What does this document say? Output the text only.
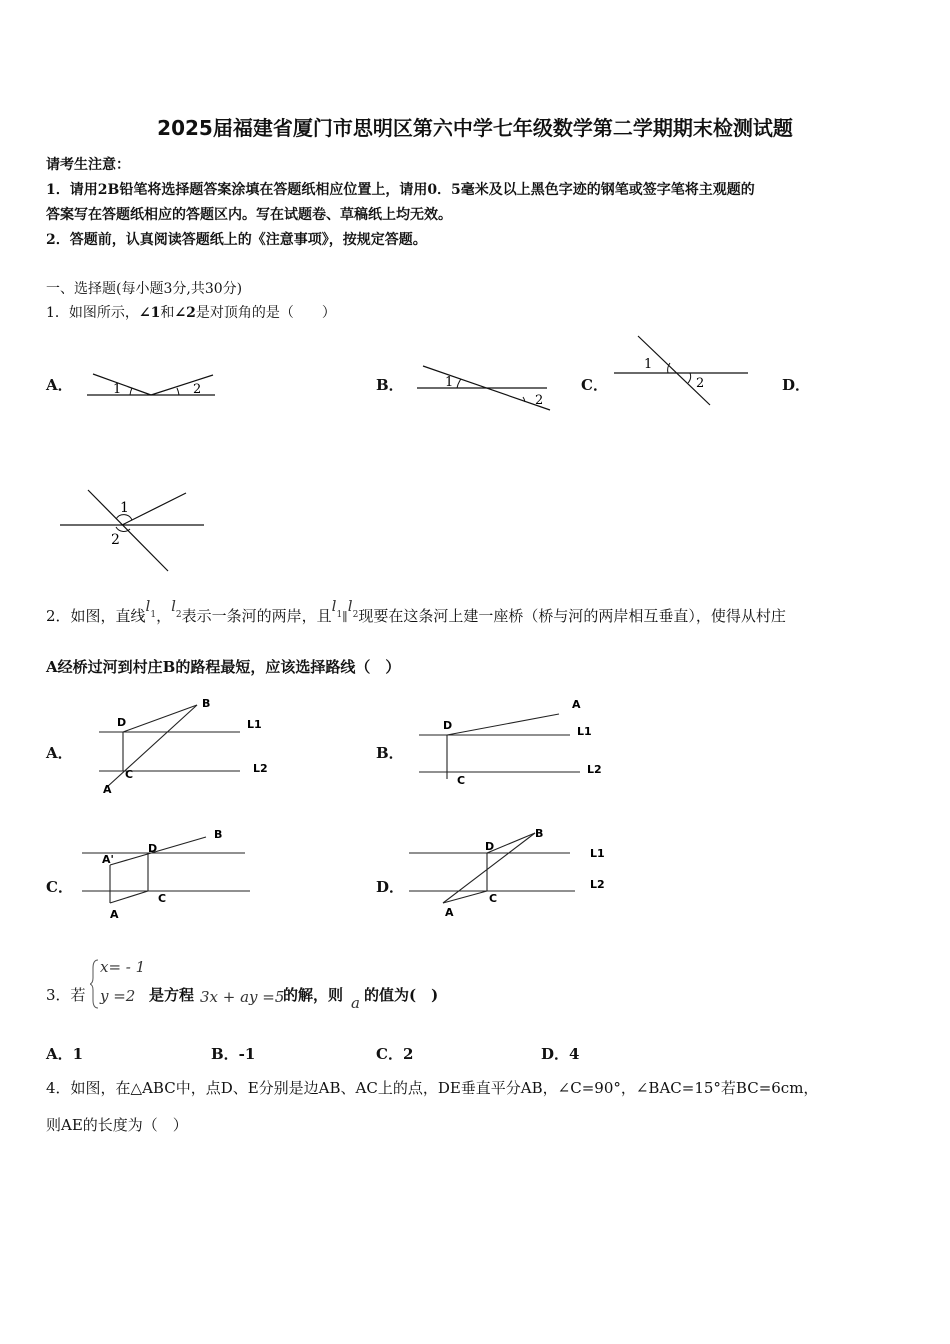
2025届福建省厦门市思明区第六中学七年级数学第二学期期末检测试题
请考生注意：
1．请用2B铅笔将选择题答案涂填在答题纸相应位置上，请用0．5毫米及以上黑色字迹的钢笔或签字笔将主观题的
答案写在答题纸相应的答题区内。写在试题卷、草稿纸上均无效。
2．答题前，认真阅读答题纸上的《注意事项》，按规定答题。
一、选择题(每小题3分,共30分)
1．如图所示，∠1和∠2是对顶角的是（　　）
A．	B．	C．	D．
1	2	1
2
1
2
1
2
2．如图，直线$l_1$，$l_2$表示一条河的两岸，且$l_1\parallel l_2$现要在这条河上建一座桥（桥与河的两岸相互垂直），使得从村庄
A经桥过河到村庄B的路程最短，应该选择路线（　）
A．	B．
C．	D．
D
B
C
A
L1
L2
D
A
C
L1
L2
A'
D
B
C
A
D
B
C
A
L1
L2
3．若
x= - 1
y =2 是方程 3x + ay =5
的解，则 a 的值为(　)
A．1	B．-1	C．2	D．4
4．如图，在△ABC中，点D、E分别是边AB、AC上的点，DE垂直平分AB，∠C=90°，∠BAC=15°若BC=6cm，
则AE的长度为（　）
